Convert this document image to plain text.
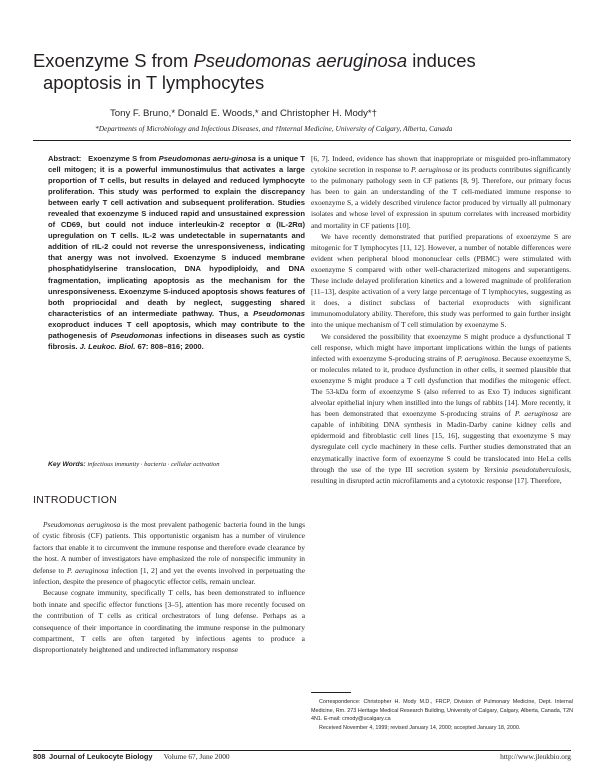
Exoenzyme S from Pseudomonas aeruginosa induces
apoptosis in T lymphocytes

Tony F. Bruno,* Donald E. Woods,* and Christopher H. Mody*†
*Departments of Microbiology and Infectious Diseases, and †Internal Medicine, University of Calgary, Alberta, Canada
Abstract: Exoenzyme S from Pseudomonas aeru-ginosa is a unique T cell mitogen; it is a powerful immunostimulus that activates a large proportion of T cells, but results in delayed and reduced lymphocyte proliferation. This study was performed to explain the discrepancy between early T cell activation and subsequent proliferation. Studies revealed that exoenzyme S induced rapid and unsustained expression of CD69, but could not induce interleukin-2 receptor α (IL-2Rα) upregulation on T cells. IL-2 was undetectable in supernatants and addition of rIL-2 could not reverse the unresponsiveness, indicating that anergy was not involved. Exoenzyme S induced membrane phosphatidylserine translocation, DNA hypodiploidy, and DNA fragmentation, implicating apoptosis as the mechanism for the unresponsiveness. Exoenzyme S-induced apoptosis shows features of both propriocidal and death by neglect, suggesting shared characteristics of an intermediate pathway. Thus, a Pseudomonas exoproduct induces T cell apoptosis, which may contribute to the pathogenesis of Pseudomonas infections in diseases such as cystic fibrosis. J. Leukoc. Biol. 67: 808–816; 2000.
Key Words: infectious immunity · bacteria · cellular activation
INTRODUCTION

Pseudomonas aeruginosa is the most prevalent pathogenic bacteria found in the lungs of cystic fibrosis (CF) patients. This opportunistic organism has a number of virulence factors that enable it to circumvent the immune response and therefore evade clearance by the host. A number of investigators have emphasized the role of nonspecific immunity in defense to P. aeruginosa infection [1, 2] and yet the events involved in perpetuating the infection, despite the presence of phagocytic effector cells, remain unclear.

Because cognate immunity, specifically T cells, has been demonstrated to influence both innate and specific effector functions [3–5], attention has more recently focused on the contribution of T cells as critical orchestrators of lung defense. Perhaps as a consequence of their importance in coordinating the immune response in the pulmonary compartment, T cells are often targeted by infectious agents to produce a disproportionately heightened and undirected inflammatory response

[6, 7]. Indeed, evidence has shown that inappropriate or misguided pro-inflammatory cytokine secretion in response to P. aeruginosa or its products contributes significantly to the pulmonary pathology seen in CF patients [8, 9]. Therefore, our primary focus has been to gain an understanding of the T cell-mediated immune response to exoenzyme S, a widely described virulence factor produced by virtually all pulmonary isolates and whose level of expression in sputum correlates with increased morbidity and mortality in CF patients [10].

We have recently demonstrated that purified preparations of exoenzyme S are mitogenic for T lymphocytes [11, 12]. However, a number of notable differences were evident when peripheral blood mononuclear cells (PBMC) were stimulated with exoenzyme S compared with other well-characterized mitogens and superantigens. These include delayed proliferation kinetics and a lowered magnitude of proliferation [11–13], despite activation of a very large percentage of T lymphocytes, suggesting as it does, a distinct subclass of bacterial exoproducts with significant immunomodulatory ability. Therefore, this study was performed to gain further insight into the unique mechanism of T cell stimulation by exoenzyme S.

We considered the possibility that exoenzyme S might produce a dysfunctional T cell response, which might have important implications within the lungs of patients infected with exoenzyme S-producing strains of P. aeruginosa. Because exoenzyme S, or molecules related to it, produce dysfunction in other cells, it seemed plausible that exoenzyme S might produce a T cell dysfunction that modifies the mitogenic effect. The 53-kDa form of exoenzyme S (also referred to as Exo T) induces significant alveolar epithelial injury when instilled into the lungs of rabbits [14]. More recently, it has been demonstrated that exoenzyme S-producing strains of P. aeruginosa are capable of inhibiting DNA synthesis in Madin-Darby canine kidney cells and epidermoid and fibroblastic cell lines [15, 16], suggesting that exoenzyme S may dysregulate cell cycle machinery in these cells. Further studies demonstrated that an enzymatically inactive form of exoenzyme S could be translocated into HeLa cells through the use of the type III secretion system by Yersinia pseudotuberculosis, resulting in disrupted actin microfilaments and a cytotoxic response [17]. Therefore,

Correspondence: Christopher H. Mody M.D., FRCP, Division of Pulmonary Medicine, Dept. Internal Medicine, Rm. 273 Heritage Medical Research Building, University of Calgary, Calgary, Alberta, Canada, T2N 4N1. E-mail: cmody@ucalgary.ca

Received November 4, 1999; revised January 14, 2000; accepted January 18, 2000.

808 Journal of Leukocyte Biology Volume 67, June 2000	http://www.jleukbio.org
